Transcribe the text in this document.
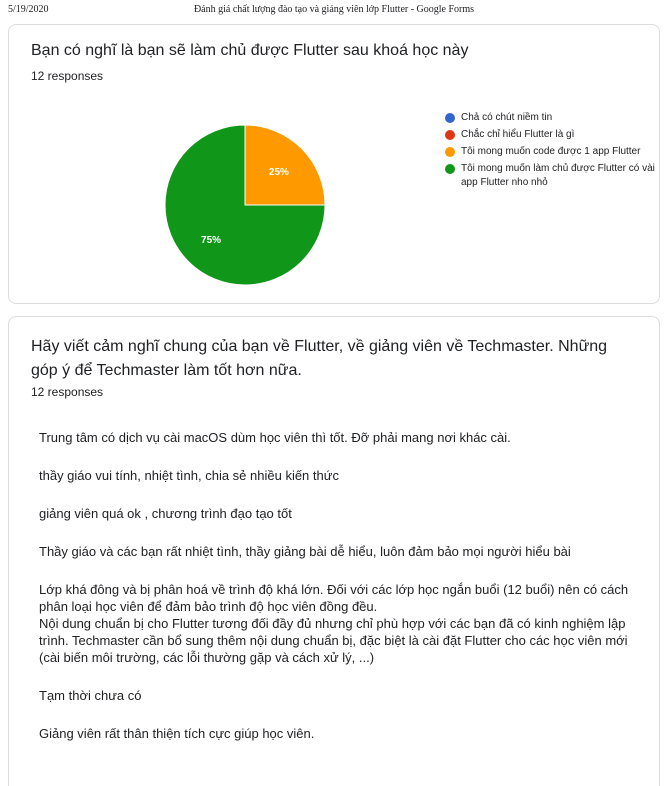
5/19/2020	Đánh giá chất lượng đào tạo và giảng viên lớp Flutter - Google Forms
Bạn có nghĩ là bạn sẽ làm chủ được Flutter sau khoá học này
12 responses
25%
75%
Chả có chút niềm tin
Chắc chỉ hiểu Flutter là gì
Tôi mong muốn code được 1 app Flutter
Tôi mong muốn làm chủ được Flutter có vài app Flutter nho nhỏ
Hãy viết cảm nghĩ chung của bạn về Flutter, về giảng viên về Techmaster. Những góp ý để Techmaster làm tốt hơn nữa.
12 responses
Trung tâm có dịch vụ cài macOS dùm học viên thì tốt. Đỡ phải mang nơi khác cài.
thầy giáo vui tính, nhiệt tình, chia sẻ nhiều kiến thức
giảng viên quá ok , chương trình đạo tạo tốt
Thầy giáo và các bạn rất nhiệt tình, thầy giảng bài dễ hiểu, luôn đảm bảo mọi người hiểu bài
Lớp khá đông và bị phân hoá về trình độ khá lớn. Đối với các lớp học ngắn buổi (12 buổi) nên có cách phân loại học viên để đảm bảo trình độ học viên đồng đều.
Nội dung chuẩn bị cho Flutter tương đối đầy đủ nhưng chỉ phù hợp với các bạn đã có kinh nghiệm lập trình. Techmaster cần bổ sung thêm nội dung chuẩn bị, đặc biệt là cài đặt Flutter cho các học viên mới (cài biến môi trường, các lỗi thường gặp và cách xử lý, ...)
Tạm thời chưa có
Giảng viên rất thân thiện tích cực giúp học viên.
